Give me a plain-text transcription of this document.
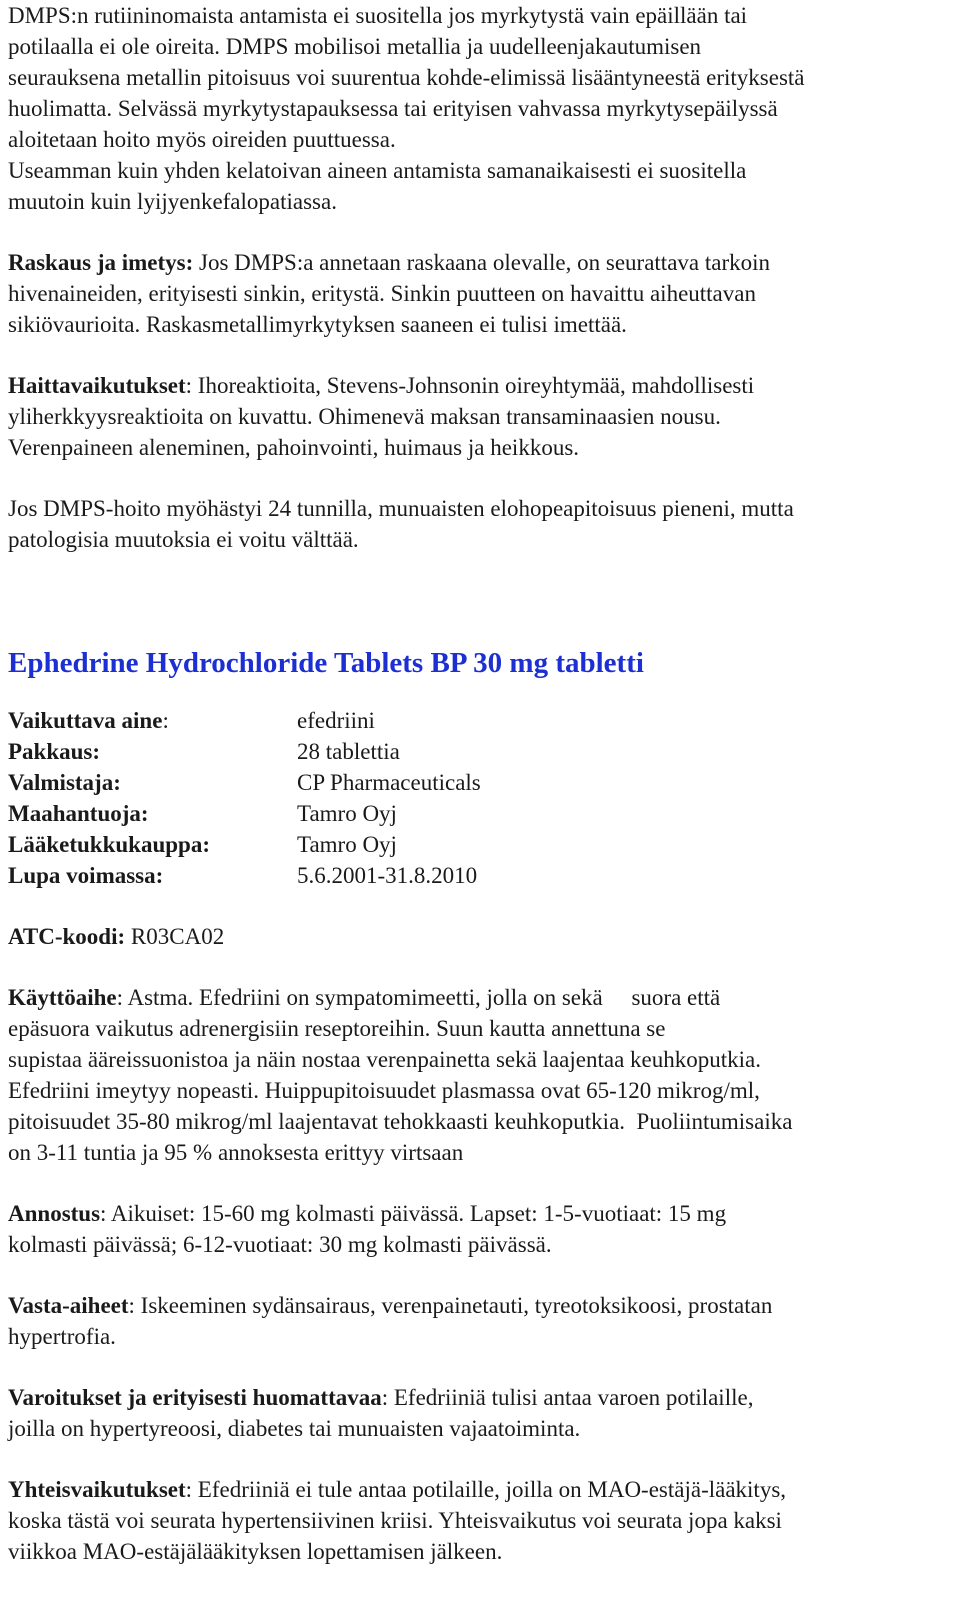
DMPS:n rutiininomaista antamista ei suositella jos myrkytystä vain epäillään tai

potilaalla ei ole oireita. DMPS mobilisoi metallia ja uudelleenjakautumisen

seurauksena metallin pitoisuus voi suurentua kohde-elimissä lisääntyneestä erityksestä

huolimatta. Selvässä myrkytystapauksessa tai erityisen vahvassa myrkytysepäilyssä

aloitetaan hoito myös oireiden puuttuessa.

Useamman kuin yhden kelatoivan aineen antamista samanaikaisesti ei suositella

muutoin kuin lyijyenkefalopatiassa.

Raskaus ja imetys: Jos DMPS:a annetaan raskaana olevalle, on seurattava tarkoin

hivenaineiden, erityisesti sinkin, eritystä. Sinkin puutteen on havaittu aiheuttavan

sikiövaurioita. Raskasmetallimyrkytyksen saaneen ei tulisi imettää.

Haittavaikutukset: Ihoreaktioita, Stevens-Johnsonin oireyhtymää, mahdollisesti

yliherkkyysreaktioita on kuvattu. Ohimenevä maksan transaminaasien nousu.

Verenpaineen aleneminen, pahoinvointi, huimaus ja heikkous.

Jos DMPS-hoito myöhästyi 24 tunnilla, munuaisten elohopeapitoisuus pieneni, mutta

patologisia muutoksia ei voitu välttää.

Ephedrine Hydrochloride Tablets BP 30 mg tabletti
Vaikuttava aine:	efedriini
Pakkaus:	28 tablettia
Valmistaja:	CP Pharmaceuticals
Maahantuoja:	Tamro Oyj
Lääketukkukauppa:	Tamro Oyj
Lupa voimassa:	5.6.2001-31.8.2010

ATC-koodi: R03CA02

Käyttöaihe: Astma. Efedriini on sympatomimeetti, jolla on sekä     suora että

epäsuora vaikutus adrenergisiin reseptoreihin. Suun kautta annettuna se

supistaa ääreissuonistoa ja näin nostaa verenpainetta sekä laajentaa keuhkoputkia.

Efedriini imeytyy nopeasti. Huippupitoisuudet plasmassa ovat 65-120 mikrog/ml,

pitoisuudet 35-80 mikrog/ml laajentavat tehokkaasti keuhkoputkia.  Puoliintumisaika

on 3-11 tuntia ja 95 % annoksesta erittyy virtsaan

Annostus: Aikuiset: 15-60 mg kolmasti päivässä. Lapset: 1-5-vuotiaat: 15 mg

kolmasti päivässä; 6-12-vuotiaat: 30 mg kolmasti päivässä.

Vasta-aiheet: Iskeeminen sydänsairaus, verenpainetauti, tyreotoksikoosi, prostatan

hypertrofia.

Varoitukset ja erityisesti huomattavaa: Efedriiniä tulisi antaa varoen potilaille,

joilla on hypertyreoosi, diabetes tai munuaisten vajaatoiminta.

Yhteisvaikutukset: Efedriiniä ei tule antaa potilaille, joilla on MAO-estäjä-lääkitys,

koska tästä voi seurata hypertensiivinen kriisi. Yhteisvaikutus voi seurata jopa kaksi

viikkoa MAO-estäjälääkityksen lopettamisen jälkeen.
